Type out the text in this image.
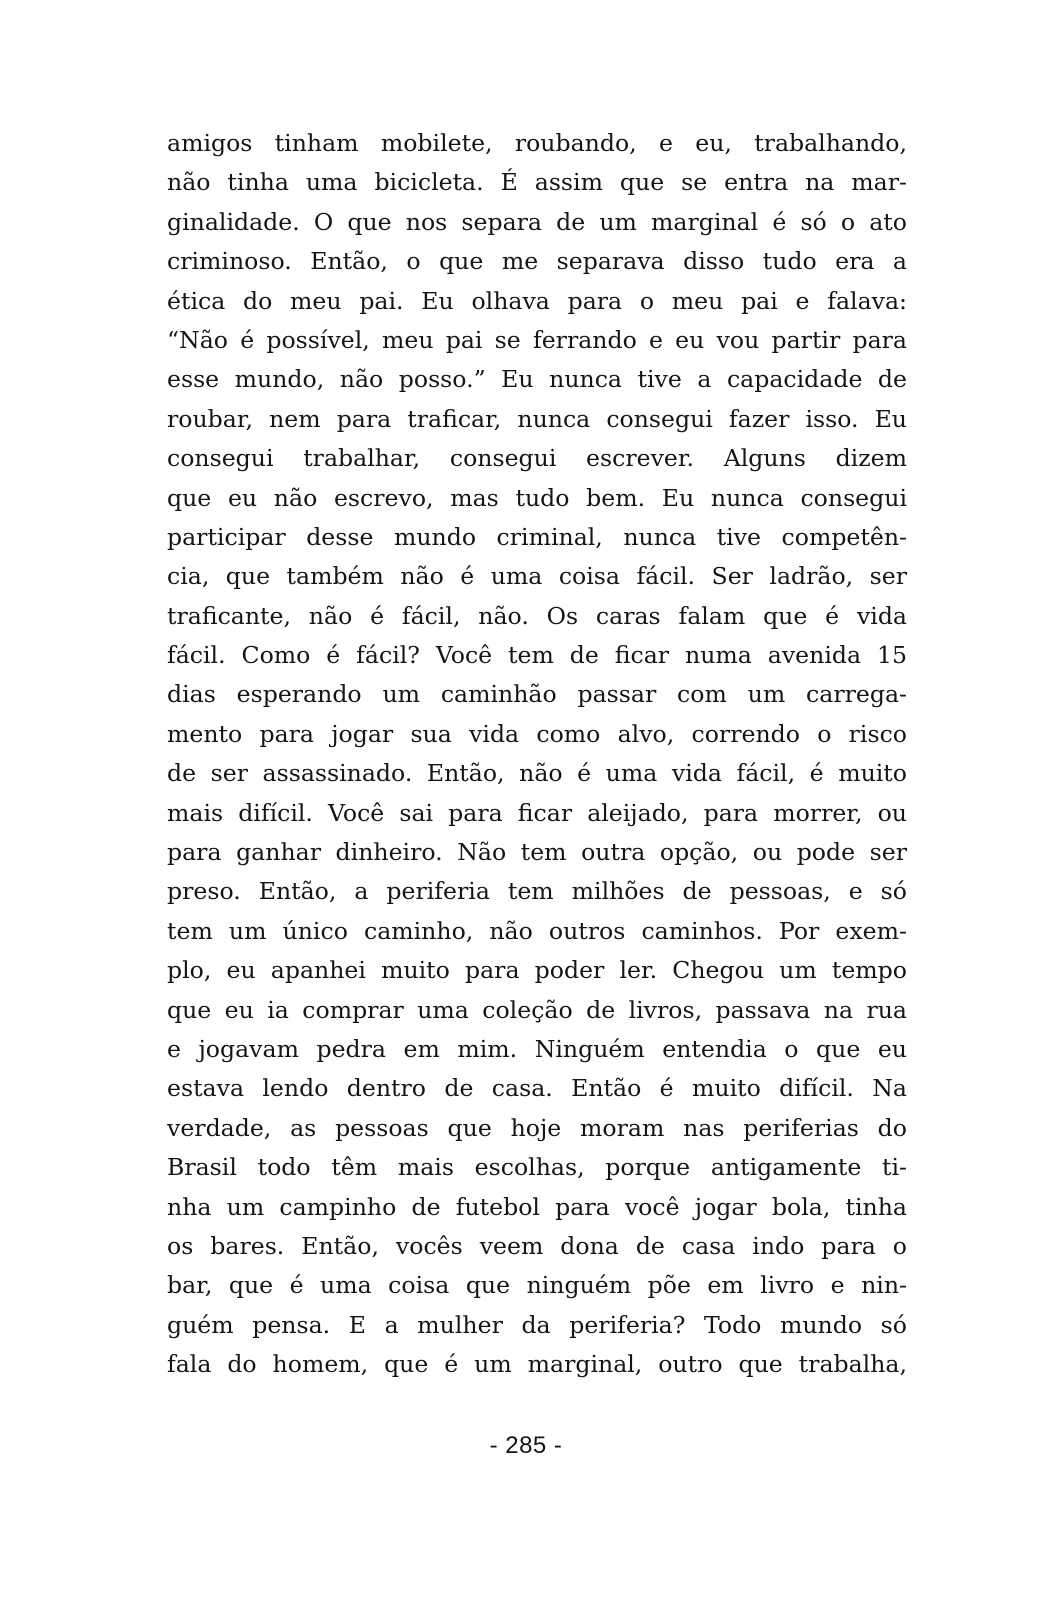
amigos tinham mobilete, roubando, e eu, trabalhando,
não tinha uma bicicleta. É assim que se entra na mar-
ginalidade. O que nos separa de um marginal é só o ato
criminoso. Então, o que me separava disso tudo era a
ética do meu pai. Eu olhava para o meu pai e falava:
“Não é possível, meu pai se ferrando e eu vou partir para
esse mundo, não posso.” Eu nunca tive a capacidade de
roubar, nem para traficar, nunca consegui fazer isso. Eu
consegui trabalhar, consegui escrever. Alguns dizem
que eu não escrevo, mas tudo bem. Eu nunca consegui
participar desse mundo criminal, nunca tive competên-
cia, que também não é uma coisa fácil. Ser ladrão, ser
traficante, não é fácil, não. Os caras falam que é vida
fácil. Como é fácil? Você tem de ficar numa avenida 15
dias esperando um caminhão passar com um carrega-
mento para jogar sua vida como alvo, correndo o risco
de ser assassinado. Então, não é uma vida fácil, é muito
mais difícil. Você sai para ficar aleijado, para morrer, ou
para ganhar dinheiro. Não tem outra opção, ou pode ser
preso. Então, a periferia tem milhões de pessoas, e só
tem um único caminho, não outros caminhos. Por exem-
plo, eu apanhei muito para poder ler. Chegou um tempo
que eu ia comprar uma coleção de livros, passava na rua
e jogavam pedra em mim. Ninguém entendia o que eu
estava lendo dentro de casa. Então é muito difícil. Na
verdade, as pessoas que hoje moram nas periferias do
Brasil todo têm mais escolhas, porque antigamente ti-
nha um campinho de futebol para você jogar bola, tinha
os bares. Então, vocês veem dona de casa indo para o
bar, que é uma coisa que ninguém põe em livro e nin-
guém pensa. E a mulher da periferia? Todo mundo só
fala do homem, que é um marginal, outro que trabalha,
- 285 -
